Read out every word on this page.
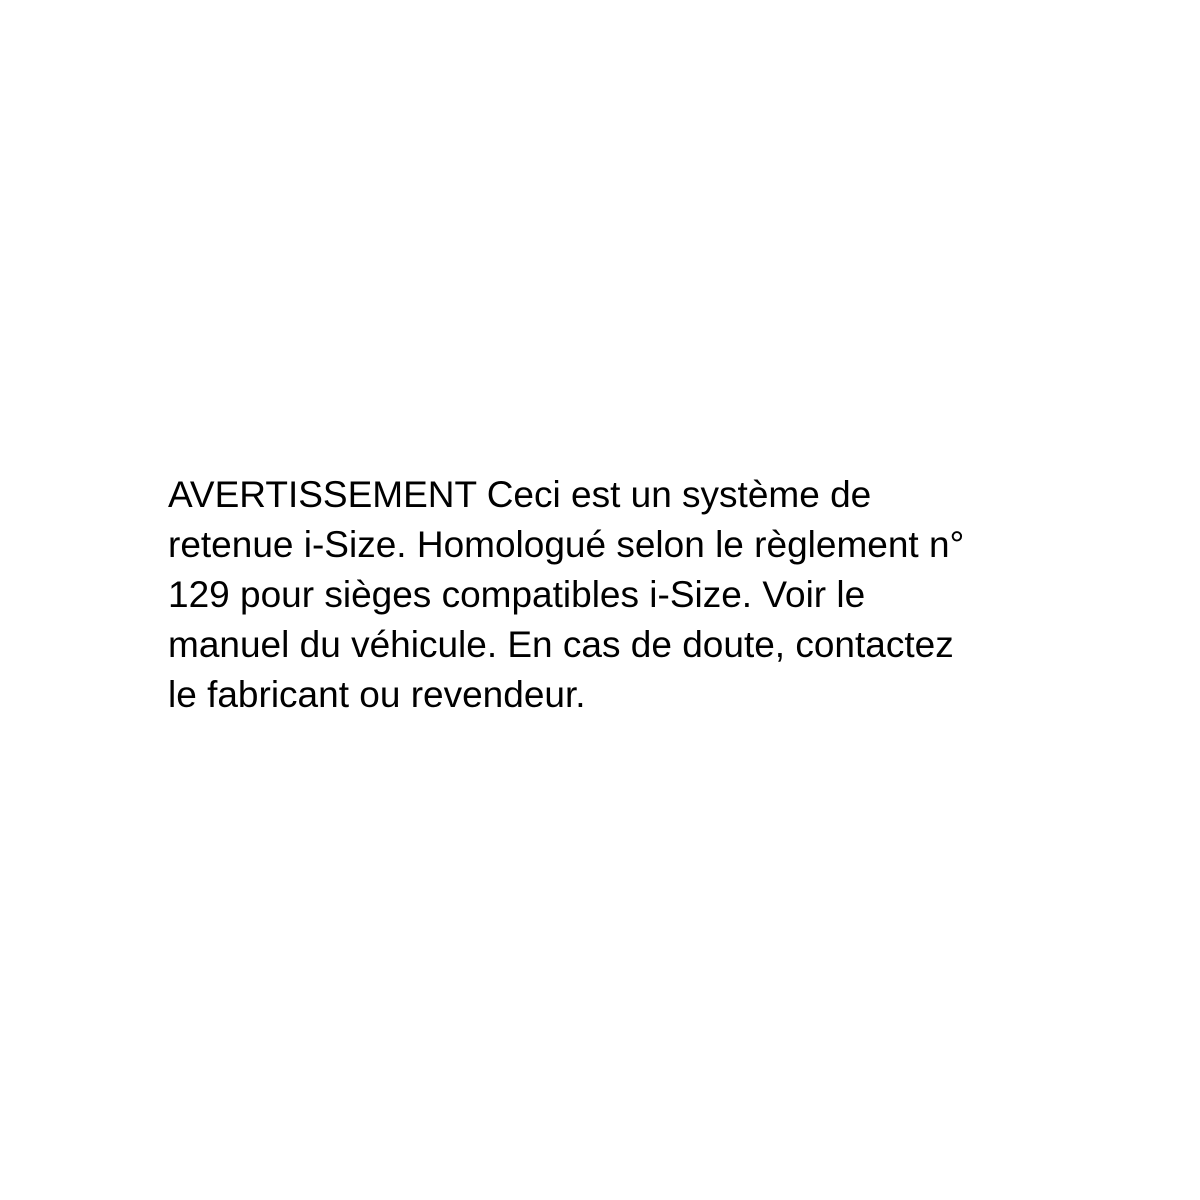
AVERTISSEMENT Ceci est un système de
retenue i-Size. Homologué selon le règlement n°
129 pour sièges compatibles i-Size. Voir le
manuel du véhicule. En cas de doute, contactez
le fabricant ou revendeur.
